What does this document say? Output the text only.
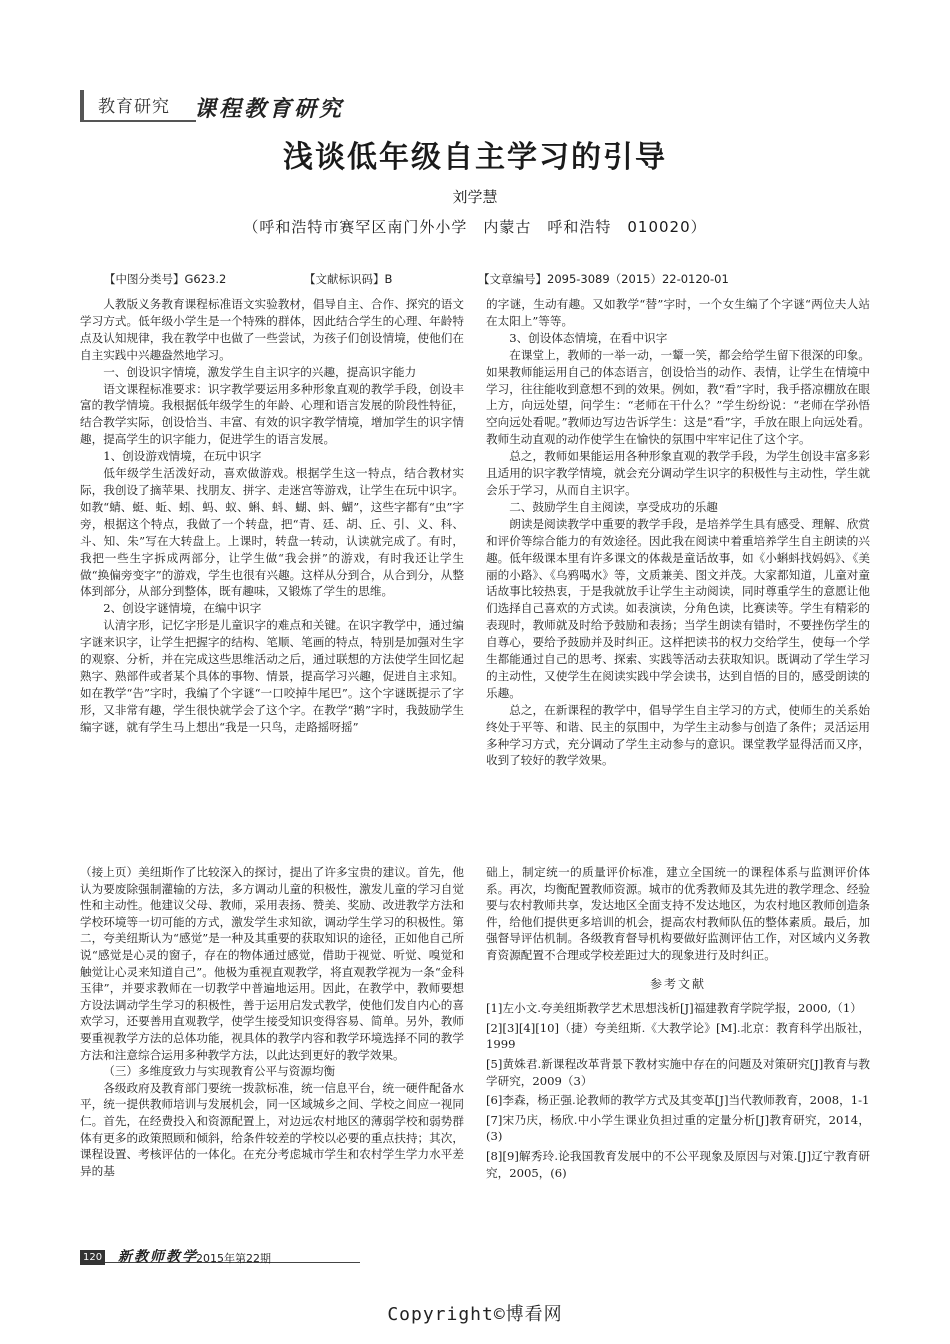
教育研究 课程教育研究
浅谈低年级自主学习的引导
刘学慧
（呼和浩特市赛罕区南门外小学　内蒙古　呼和浩特　010020）
【中图分类号】G623.2	【文献标识码】B	【文章编号】2095-3089（2015）22-0120-01

人教版义务教育课程标准语文实验教材，倡导自主、合作、探究的语文学习方式。低年级小学生是一个特殊的群体，因此结合学生的心理、年龄特点及认知规律，我在教学中也做了一些尝试，为孩子们创设情境，使他们在自主实践中兴趣盎然地学习。

一、创设识字情境，激发学生自主识字的兴趣，提高识字能力

语文课程标准要求：识字教学要运用多种形象直观的教学手段，创设丰富的教学情境。我根据低年级学生的年龄、心理和语言发展的阶段性特征，结合教学实际，创设恰当、丰富、有效的识字教学情境，增加学生的识字情趣，提高学生的识字能力，促进学生的语言发展。

1、创设游戏情境，在玩中识字

低年级学生活泼好动，喜欢做游戏。根据学生这一特点，结合教材实际，我创设了摘苹果、找朋友、拼字、走迷宫等游戏，让学生在玩中识字。如教“蜻、蜓、蚯、蚓、蚂、蚁、蝌、蚪、蝴、蚪、蝴”，这些字都有“虫”字旁，根据这个特点，我做了一个转盘，把“青、廷、胡、丘、引、义、科、斗、知、朱”写在大转盘上。上课时，转盘一转动，认读就完成了。有时，我把一些生字拆成两部分，让学生做“我会拼”的游戏，有时我还让学生做“换偏旁变字”的游戏，学生也很有兴趣。这样从分到合，从合到分，从整体到部分，从部分到整体，既有趣味，又锻炼了学生的思维。

2、创设字谜情境，在编中识字

认清字形，记忆字形是儿童识字的难点和关键。在识字教学中，通过编字谜来识字，让学生把握字的结构、笔顺、笔画的特点，特别是加强对生字的观察、分析，并在完成这些思维活动之后，通过联想的方法使学生回忆起熟字、熟部件或者某个具体的事物、情景，提高学习兴趣，促进自主求知。如在教学“告”字时，我编了个字谜“一口咬掉牛尾巴”。这个字谜既提示了字形，又非常有趣，学生很快就学会了这个字。在教学“鹅”字时，我鼓励学生编字谜，就有学生马上想出“我是一只鸟，走路摇呀摇”

的字谜，生动有趣。又如教学“替”字时，一个女生编了个字谜“两位夫人站在太阳上”等等。

3、创设体态情境，在看中识字

在课堂上，教师的一举一动，一颦一笑，都会给学生留下很深的印象。如果教师能运用自己的体态语言，创设恰当的动作、表情，让学生在情境中学习，往往能收到意想不到的效果。例如，教“看”字时，我手搭凉棚放在眼上方，向远处望，问学生：“老师在干什么？”学生纷纷说：“老师在学孙悟空向远处看呢。”教师边写边告诉学生：这是“看”字，手放在眼上向远处看。教师生动直观的动作使学生在愉快的氛围中牢牢记住了这个字。

总之，教师如果能运用各种形象直观的教学手段，为学生创设丰富多彩且适用的识字教学情境，就会充分调动学生识字的积极性与主动性，学生就会乐于学习，从而自主识字。

二、鼓励学生自主阅读，享受成功的乐趣

朗读是阅读教学中重要的教学手段，是培养学生具有感受、理解、欣赏和评价等综合能力的有效途径。因此我在阅读中着重培养学生自主朗读的兴趣。低年级课本里有许多课文的体裁是童话故事，如《小蝌蚪找妈妈》、《美丽的小路》、《乌鸦喝水》等，文质兼美、图文并茂。大家都知道，儿童对童话故事比较热衷，于是我就放手让学生主动阅读，同时尊重学生的意愿让他们选择自己喜欢的方式读。如表演读，分角色读，比赛读等。学生有精彩的表现时，教师就及时给予鼓励和表扬；当学生朗读有错时，不要挫伤学生的自尊心，要给予鼓励并及时纠正。这样把读书的权力交给学生，使每一个学生都能通过自己的思考、探索、实践等活动去获取知识。既调动了学生学习的主动性，又使学生在阅读实践中学会读书，达到自悟的目的，感受朗读的乐趣。

总之，在新课程的教学中，倡导学生自主学习的方式，使师生的关系始终处于平等、和谐、民主的氛围中，为学生主动参与创造了条件；灵活运用多种学习方式，充分调动了学生主动参与的意识。课堂教学显得活而又序，收到了较好的教学效果。

（接上页）美纽斯作了比较深入的探讨，提出了许多宝贵的建议。首先，他认为要废除强制灌输的方法，多方调动儿童的积极性，激发儿童的学习自觉性和主动性。他建议父母、教师，采用表扬、赞美、奖励、改进教学方法和学校环境等一切可能的方式，激发学生求知欲，调动学生学习的积极性。第二，夸美纽斯认为“感觉”是一种及其重要的获取知识的途径，正如他自己所说“感觉是心灵的窗子，存在的物体通过感觉，借助于视觉、听觉、嗅觉和触觉让心灵来知道自己”。他极为重视直观教学，将直观教学视为一条“金科玉律”，并要求教师在一切教学中普遍地运用。因此，在教学中，教师要想方设法调动学生学习的积极性，善于运用启发式教学，使他们发自内心的喜欢学习，还要善用直观教学，使学生接受知识变得容易、简单。另外，教师要重视教学方法的总体功能，视具体的教学内容和教学环境选择不同的教学方法和注意综合运用多种教学方法，以此达到更好的教学效果。

（三）多维度致力与实现教育公平与资源均衡

各级政府及教育部门要统一拨款标准，统一信息平台，统一硬件配备水平，统一提供教师培训与发展机会，同一区域城乡之间、学校之间应一视同仁。首先，在经费投入和资源配置上，对边远农村地区的薄弱学校和弱势群体有更多的政策照顾和倾斜，给条件较差的学校以必要的重点扶持；其次，课程设置、考核评估的一体化。在充分考虑城市学生和农村学生学力水平差异的基

础上，制定统一的质量评价标准，建立全国统一的课程体系与监测评价体系。再次，均衡配置教师资源。城市的优秀教师及其先进的教学理念、经验要与农村教师共享，发达地区全面支持不发达地区，为农村地区教师创造条件，给他们提供更多培训的机会，提高农村教师队伍的整体素质。最后，加强督导评估机制。各级教育督导机构要做好监测评估工作，对区域内义务教育资源配置不合理或学校差距过大的现象进行及时纠正。

参考文献

[1]左小文.夸美纽斯教学艺术思想浅析[J]福建教育学院学报，2000,（1）

[2][3][4][10]（捷）夸美纽斯.《大教学论》[M].北京：教育科学出版社，1999

[5]黄姝君.新课程改革背景下教材实施中存在的问题及对策研究[J]教育与教学研究，2009（3）

[6]李森，杨正强.论教师的教学方式及其变革[J]当代教师教育，2008，1-1

[7]宋乃庆，杨欣.中小学生课业负担过重的定量分析[J]教育研究，2014，(3)

[8][9]解秀玲.论我国教育发展中的不公平现象及原因与对策.[J]辽宁教育研究，2005，(6)

120 新教师教学
2015年第22期
Copyright©博看网
